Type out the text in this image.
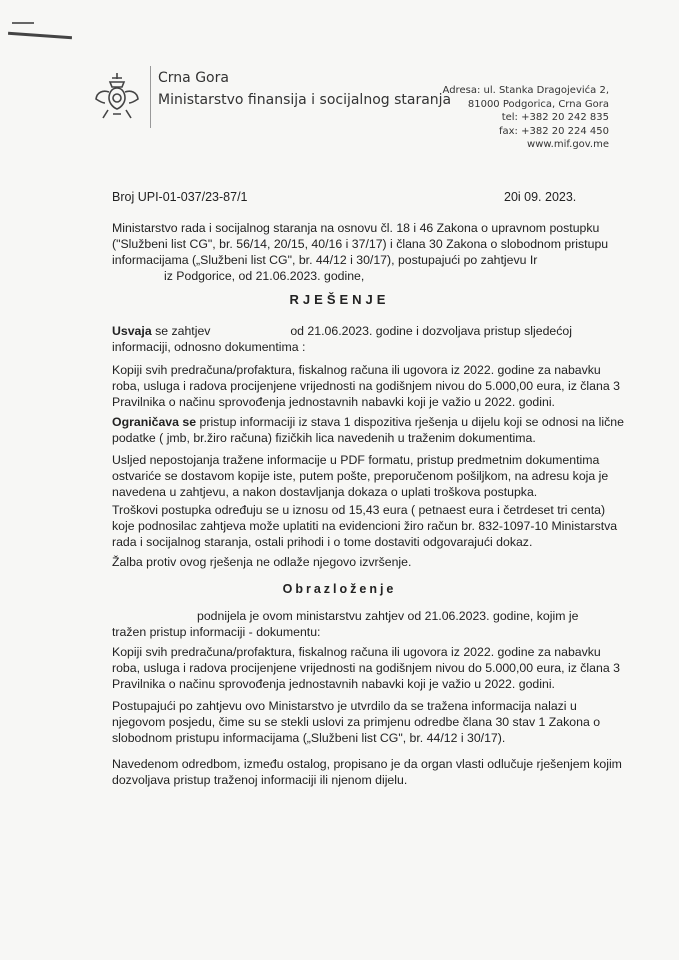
Crna Gora
Ministarstvo finansija i socijalnog staranja
Adresa: ul. Stanka Dragojevića 2,
81000 Podgorica, Crna Gora
tel: +382 20 242 835
fax: +382 20 224 450
www.mif.gov.me
Broj UPI-01-037/23-87/1	20i 09. 2023.
Ministarstvo rada i socijalnog staranja na osnovu čl. 18 i 46 Zakona o upravnom postupku
("Službeni list CG", br. 56/14, 20/15, 40/16 i 37/17) i člana 30 Zakona o slobodnom pristupu
informacijama („Službeni list CG", br. 44/12 i 30/17), postupajući po zahtjevu Ir
iz Podgorice, od 21.06.2023. godine,
RJEŠENJE
Usvaja se zahtjev	od 21.06.2023. godine i dozvoljava pristup sljedećoj
informaciji, odnosno dokumentima :
Kopiji svih predračuna/profaktura, fiskalnog računa ili ugovora iz 2022. godine za nabavku
roba, usluga i radova procijenjene vrijednosti na godišnjem nivou do 5.000,00 eura, iz člana 3
Pravilnika o načinu sprovođenja jednostavnih nabavki koji je važio u 2022. godini.
Ograničava se pristup informaciji iz stava 1 dispozitiva rješenja u dijelu koji se odnosi na lične
podatke ( jmb, br.žiro računa) fizičkih lica navedenih u traženim dokumentima.
Usljed nepostojanja tražene informacije u PDF formatu, pristup predmetnim dokumentima
ostvariće se dostavom kopije iste, putem pošte, preporučenom pošiljkom, na adresu koja je
navedena u zahtjevu, a nakon dostavljanja dokaza o uplati troškova postupka.
Troškovi postupka određuju se u iznosu od 15,43 eura ( petnaest eura i četrdeset tri centa)
koje podnosilac zahtjeva može uplatiti na evidencioni žiro račun br. 832-1097-10 Ministarstva
rada i socijalnog staranja, ostali prihodi i o tome dostaviti odgovarajući dokaz.
Žalba protiv ovog rješenja ne odlaže njegovo izvršenje.
Obrazloženje
podnijela je ovom ministarstvu zahtjev od 21.06.2023. godine, kojim je
tražen pristup informaciji - dokumentu:
Kopiji svih predračuna/profaktura, fiskalnog računa ili ugovora iz 2022. godine za nabavku
roba, usluga i radova procijenjene vrijednosti na godišnjem nivou do 5.000,00 eura, iz člana 3
Pravilnika o načinu sprovođenja jednostavnih nabavki koji je važio u 2022. godini.
Postupajući po zahtjevu ovo Ministarstvo je utvrdilo da se tražena informacija nalazi u
njegovom posjedu, čime su se stekli uslovi za primjenu odredbe člana 30 stav 1 Zakona o
slobodnom pristupu informacijama („Službeni list CG", br. 44/12 i 30/17).
Navedenom odredbom, između ostalog, propisano je da organ vlasti odlučuje rješenjem kojim
dozvoljava pristup traženoj informaciji ili njenom dijelu.
